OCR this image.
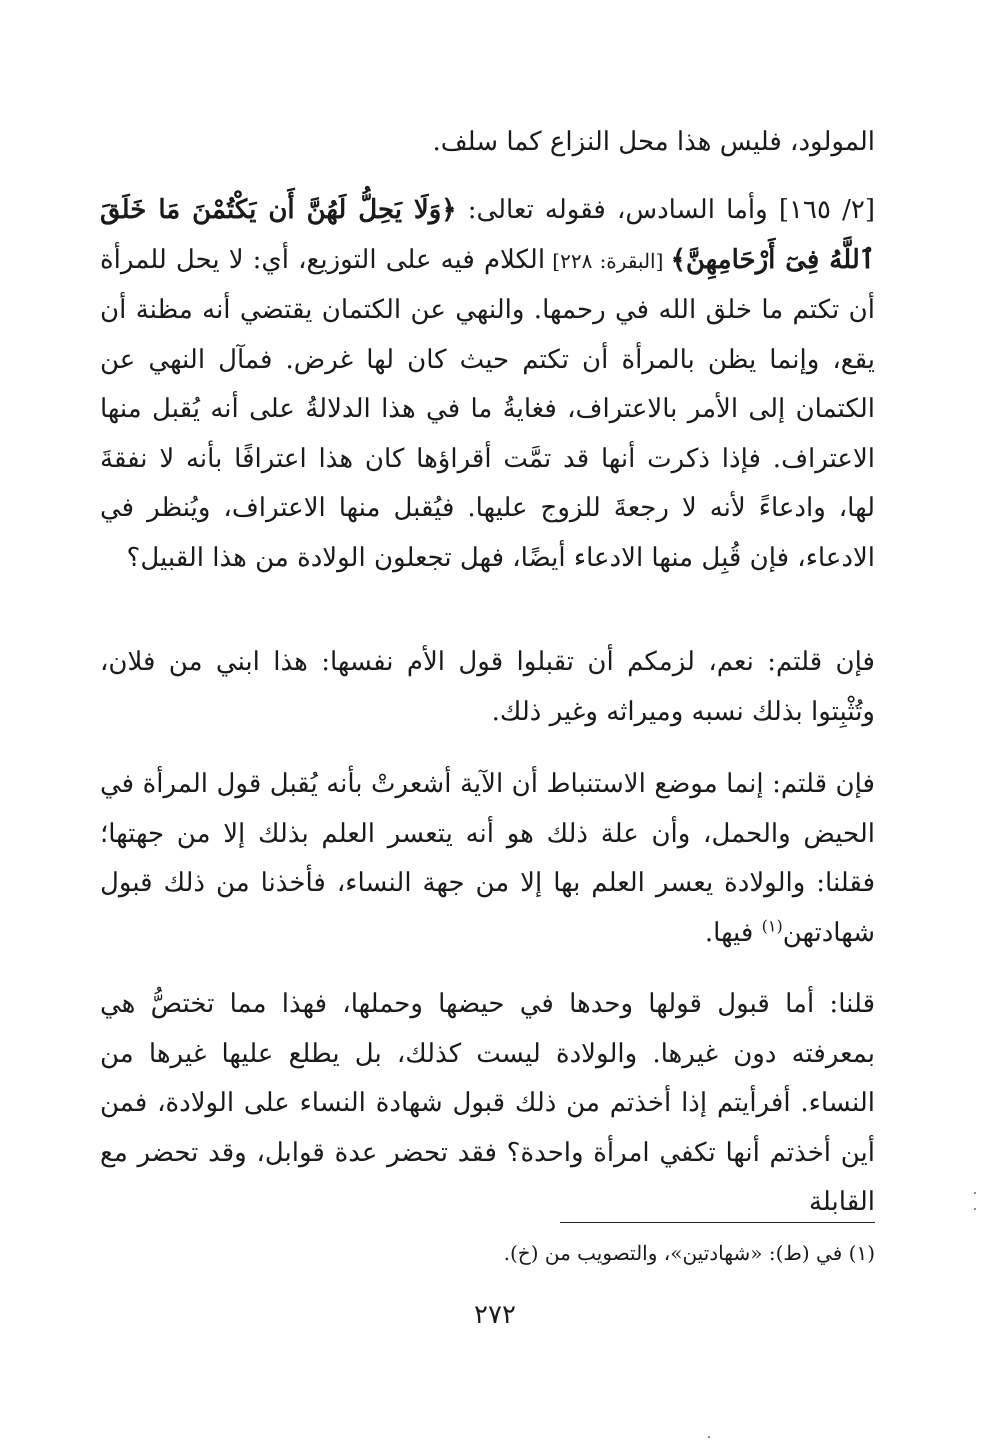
المولود، فليس هذا محل النزاع كما سلف.

[٢/ ١٦٥] وأما السادس، فقوله تعالى: ﴿وَلَا يَحِلُّ لَهُنَّ أَن يَكْتُمْنَ مَا خَلَقَ ٱللَّهُ فِىٓ أَرْحَامِهِنَّ﴾ [البقرة: ٢٢٨] الكلام فيه على التوزيع، أي: لا يحل للمرأة أن تكتم ما خلق الله في رحمها. والنهي عن الكتمان يقتضي أنه مظنة أن يقع، وإنما يظن بالمرأة أن تكتم حيث كان لها غرض. فمآل النهي عن الكتمان إلى الأمر بالاعتراف، فغايةُ ما في هذا الدلالةُ على أنه يُقبل منها الاعتراف. فإذا ذكرت أنها قد تمَّت أقراؤها كان هذا اعترافًا بأنه لا نفقةَ لها، وادعاءً لأنه لا رجعةَ للزوج عليها. فيُقبل منها الاعتراف، ويُنظر في الادعاء، فإن قُبِل منها الادعاء أيضًا، فهل تجعلون الولادة من هذا القبيل؟

فإن قلتم: نعم، لزمكم أن تقبلوا قول الأم نفسها: هذا ابني من فلان، وتُثْبِتوا بذلك نسبه وميراثه وغير ذلك.

فإن قلتم: إنما موضع الاستنباط أن الآية أشعرتْ بأنه يُقبل قول المرأة في الحيض والحمل، وأن علة ذلك هو أنه يتعسر العلم بذلك إلا من جهتها؛ فقلنا: والولادة يعسر العلم بها إلا من جهة النساء، فأخذنا من ذلك قبول شهادتهن$^{(١)}$ فيها.

قلنا: أما قبول قولها وحدها في حيضها وحملها، فهذا مما تختصُّ هي بمعرفته دون غيرها. والولادة ليست كذلك، بل يطلع عليها غيرها من النساء. أفرأيتم إذا أخذتم من ذلك قبول شهادة النساء على الولادة، فمن أين أخذتم أنها تكفي امرأة واحدة؟ فقد تحضر عدة قوابل، وقد تحضر مع القابلة

(١) في (ط): «شهادتين»، والتصويب من (خ).
٢٧٢
